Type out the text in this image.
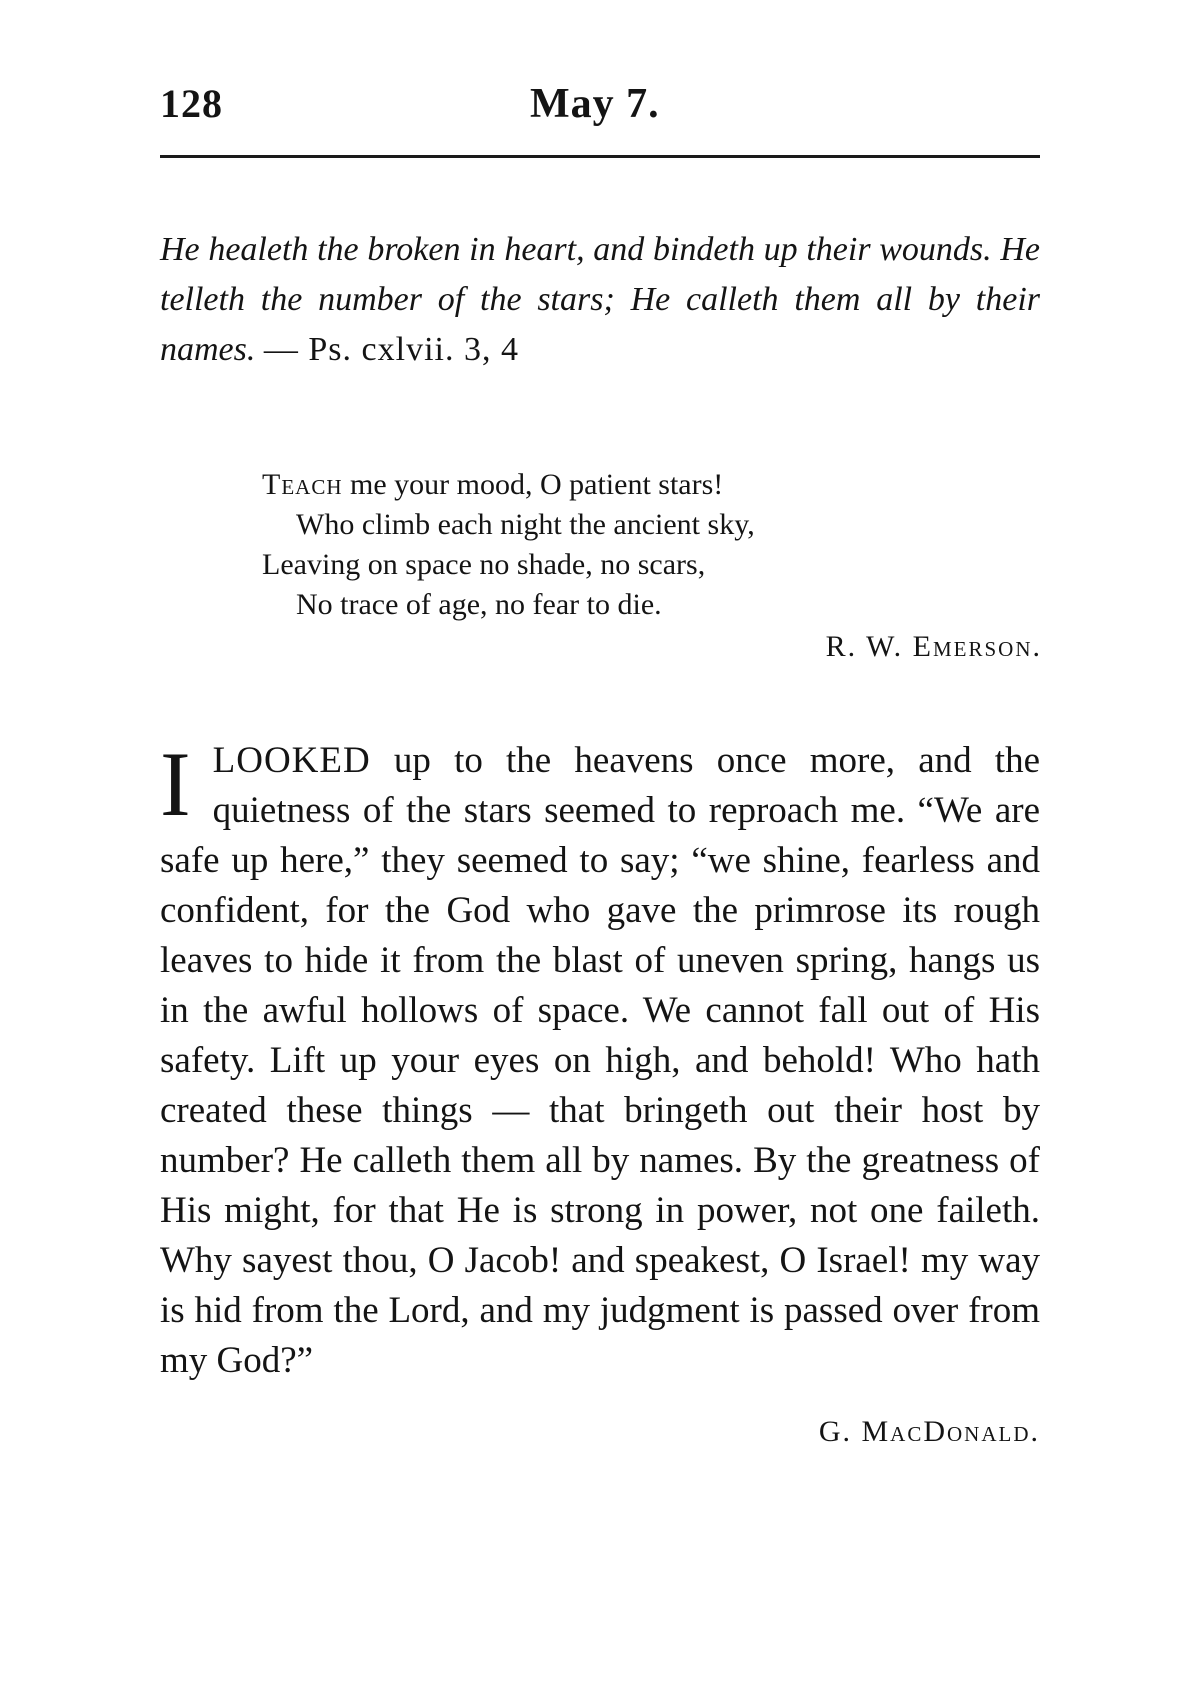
128	May 7.
He healeth the broken in heart, and bindeth up their wounds. He telleth the number of the stars; He calleth them all by their names. — Ps. cxlvii. 3, 4
Teach me your mood, O patient stars!
Who climb each night the ancient sky,
Leaving on space no shade, no scars,
No trace of age, no fear to die.
R. W. Emerson.
ILOOKED up to the heavens once more, and the quietness of the stars seemed to reproach me. “We are safe up here,” they seemed to say; “we shine, fearless and confident, for the God who gave the primrose its rough leaves to hide it from the blast of uneven spring, hangs us in the awful hollows of space. We cannot fall out of His safety. Lift up your eyes on high, and behold! Who hath created these things — that bringeth out their host by number? He calleth them all by names. By the greatness of His might, for that He is strong in power, not one faileth. Why sayest thou, O Jacob! and speakest, O Israel! my way is hid from the Lord, and my judgment is passed over from my God?”
G. MacDonald.
